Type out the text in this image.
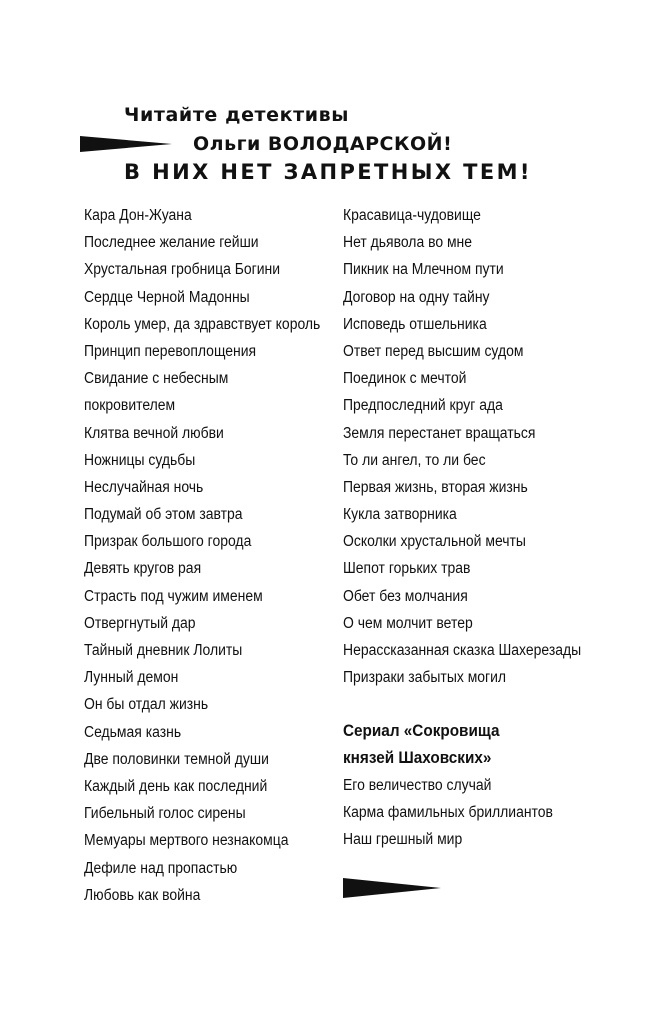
Читайте детективы
Ольги ВОЛОДАРСКОЙ!
В НИХ НЕТ ЗАПРЕТНЫХ ТЕМ!
Кара Дон-Жуана
Последнее желание гейши
Хрустальная гробница Богини
Сердце Черной Мадонны
Король умер, да здравствует король
Принцип перевоплощения
Свидание с небесным
покровителем
Клятва вечной любви
Ножницы судьбы
Неслучайная ночь
Подумай об этом завтра
Призрак большого города
Девять кругов рая
Страсть под чужим именем
Отвергнутый дар
Тайный дневник Лолиты
Лунный демон
Он бы отдал жизнь
Седьмая казнь
Две половинки темной души
Каждый день как последний
Гибельный голос сирены
Мемуары мертвого незнакомца
Дефиле над пропастью
Любовь как война
Красавица-чудовище
Нет дьявола во мне
Пикник на Млечном пути
Договор на одну тайну
Исповедь отшельника
Ответ перед высшим судом
Поединок с мечтой
Предпоследний круг ада
Земля перестанет вращаться
То ли ангел, то ли бес
Первая жизнь, вторая жизнь
Кукла затворника
Осколки хрустальной мечты
Шепот горьких трав
Обет без молчания
О чем молчит ветер
Нерассказанная сказка Шахерезады
Призраки забытых могил
Сериал «Сокровища
князей Шаховских»
Его величество случай
Карма фамильных бриллиантов
Наш грешный мир
